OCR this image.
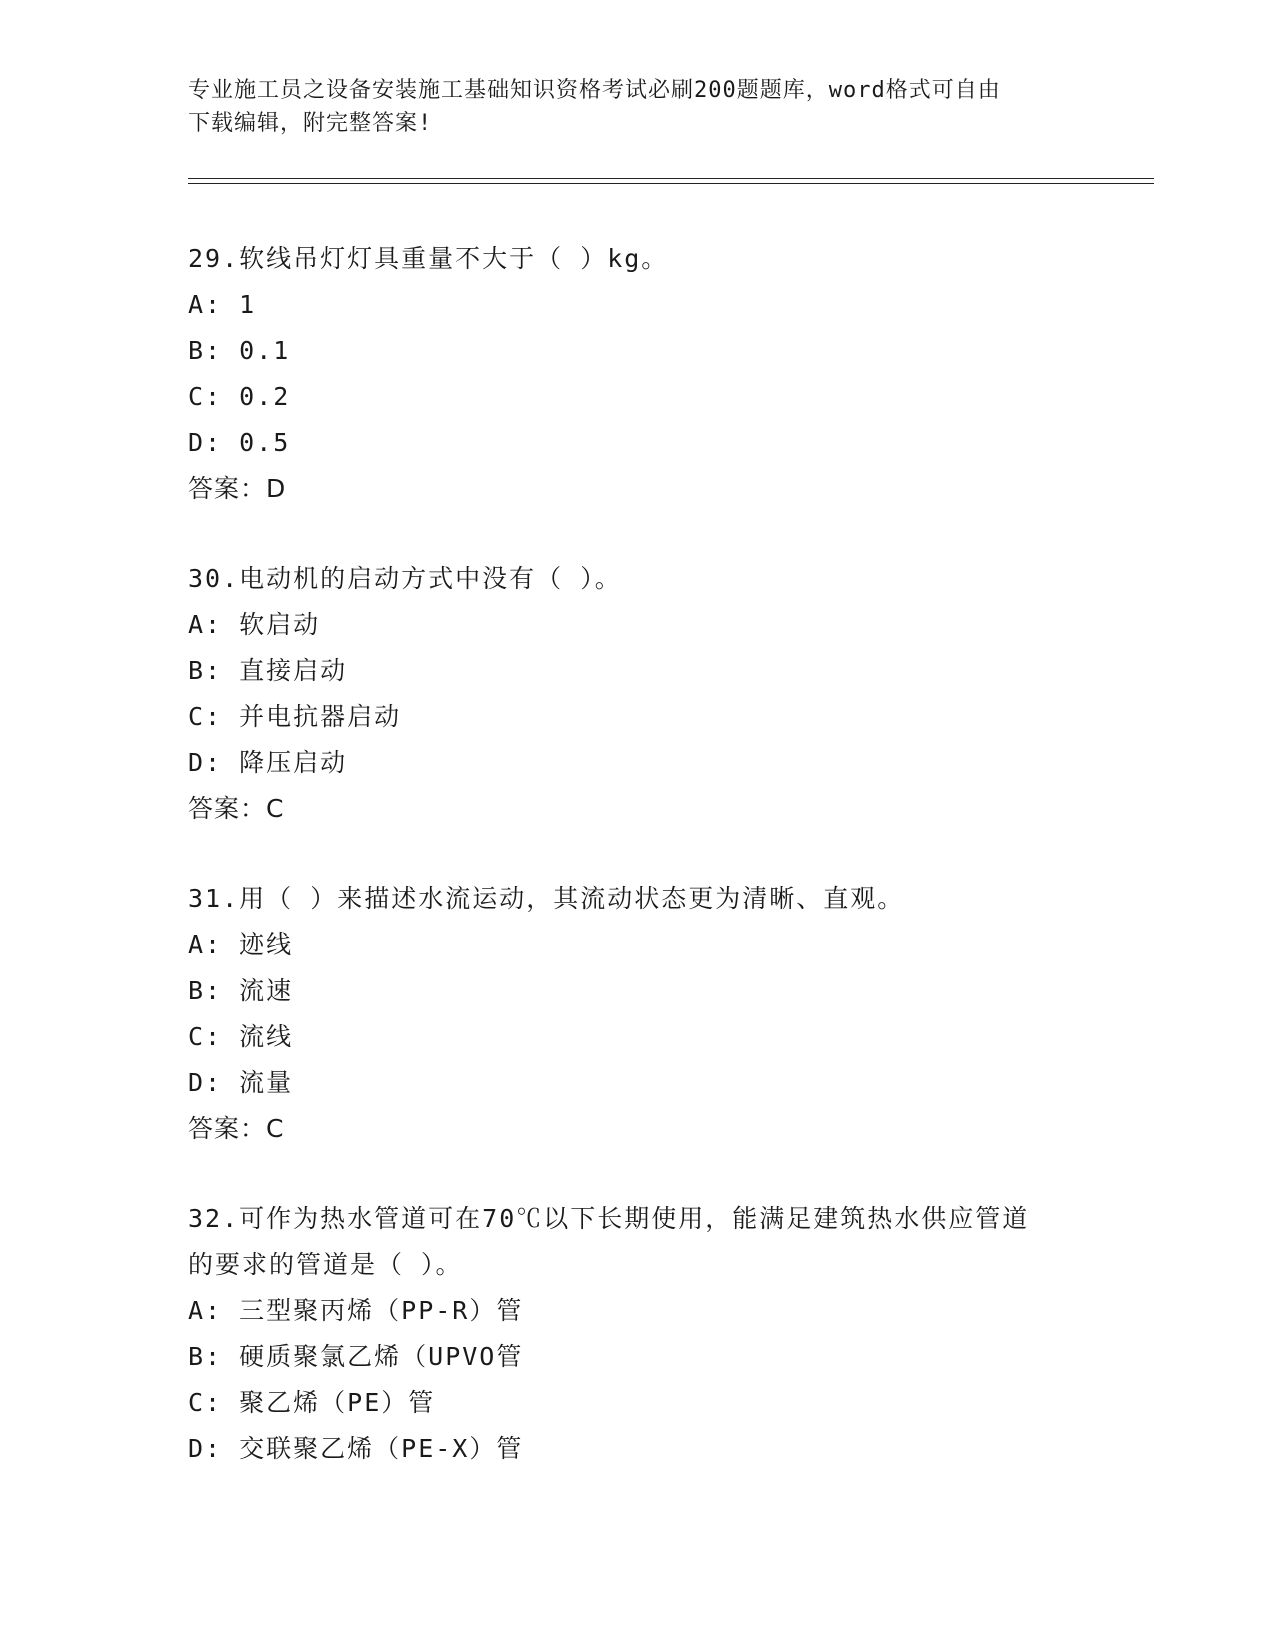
专业施工员之设备安装施工基础知识资格考试必刷200题题库，word格式可自由
下载编辑，附完整答案!

29.软线吊灯灯具重量不大于（ ）kg。

A: 1

B: 0.1

C: 0.2

D: 0.5

答案：D

30.电动机的启动方式中没有（ ）。

A: 软启动

B: 直接启动

C: 并电抗器启动

D: 降压启动

答案：C

31.用（ ）来描述水流运动，其流动状态更为清晰、直观。

A: 迹线

B: 流速

C: 流线

D: 流量

答案：C

32.可作为热水管道可在70℃以下长期使用，能满足建筑热水供应管道

的要求的管道是（ ）。

A: 三型聚丙烯（PP-R）管

B: 硬质聚氯乙烯（UPVO管

C: 聚乙烯（PE）管

D: 交联聚乙烯（PE-X）管
